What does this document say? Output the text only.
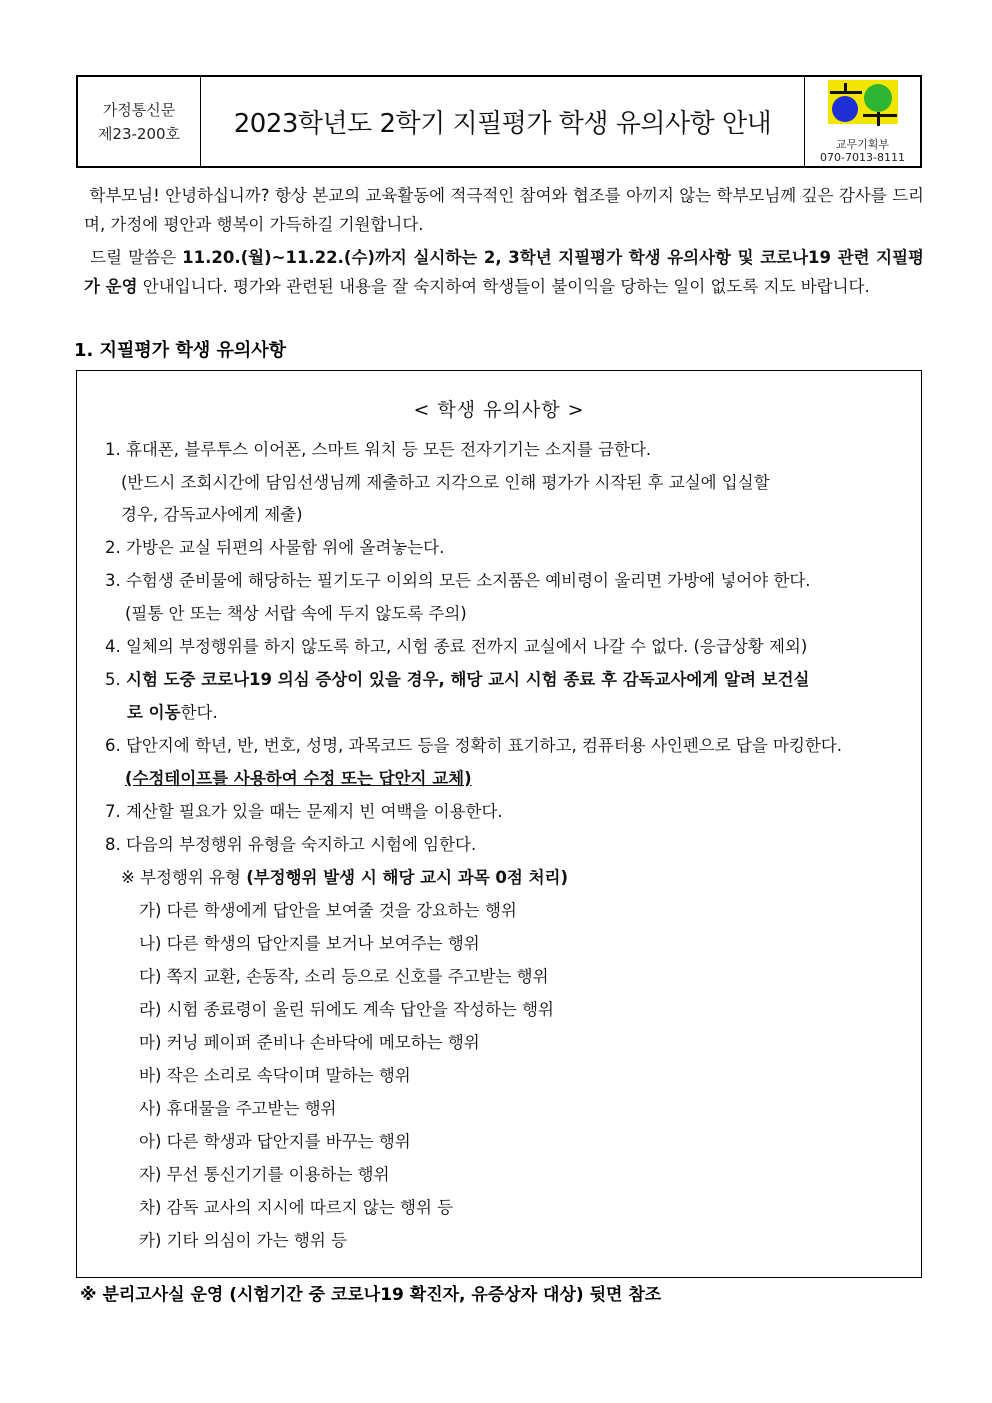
가정통신문
제23-200호	2023학년도 2학기 지필평가 학생 유의사항 안내
교무기획부
070-7013-8111

학부모님! 안녕하십니까? 항상 본교의 교육활동에 적극적인 참여와 협조를 아끼지 않는 학부모님께 깊은 감사를 드리며, 가정에 평안과 행복이 가득하길 기원합니다.

드릴 말씀은 11.20.(월)~11.22.(수)까지 실시하는 2, 3학년 지필평가 학생 유의사항 및 코로나19 관련 지필평가 운영 안내입니다. 평가와 관련된 내용을 잘 숙지하여 학생들이 불이익을 당하는 일이 없도록 지도 바랍니다.

1. 지필평가 학생 유의사항
< 학생 유의사항 >
1. 휴대폰, 블루투스 이어폰, 스마트 워치 등 모든 전자기기는 소지를 금한다.
(반드시 조회시간에 담임선생님께 제출하고 지각으로 인해 평가가 시작된 후 교실에 입실할
경우, 감독교사에게 제출)
2. 가방은 교실 뒤편의 사물함 위에 올려놓는다.
3. 수험생 준비물에 해당하는 필기도구 이외의 모든 소지품은 예비령이 울리면 가방에 넣어야 한다.
(필통 안 또는 책상 서랍 속에 두지 않도록 주의)
4. 일체의 부정행위를 하지 않도록 하고, 시험 종료 전까지 교실에서 나갈 수 없다. (응급상황 제외)
5. 시험 도중 코로나19 의심 증상이 있을 경우, 해당 교시 시험 종료 후 감독교사에게 알려 보건실
로 이동한다.
6. 답안지에 학년, 반, 번호, 성명, 과목코드 등을 정확히 표기하고, 컴퓨터용 사인펜으로 답을 마킹한다.
(수정테이프를 사용하여 수정 또는 답안지 교체)
7. 계산할 필요가 있을 때는 문제지 빈 여백을 이용한다.
8. 다음의 부정행위 유형을 숙지하고 시험에 임한다.
※ 부정행위 유형 (부정행위 발생 시 해당 교시 과목 0점 처리)
가) 다른 학생에게 답안을 보여줄 것을 강요하는 행위
나) 다른 학생의 답안지를 보거나 보여주는 행위
다) 쪽지 교환, 손동작, 소리 등으로 신호를 주고받는 행위
라) 시험 종료령이 울린 뒤에도 계속 답안을 작성하는 행위
마) 커닝 페이퍼 준비나 손바닥에 메모하는 행위
바) 작은 소리로 속닥이며 말하는 행위
사) 휴대물을 주고받는 행위
아) 다른 학생과 답안지를 바꾸는 행위
자) 무선 통신기기를 이용하는 행위
차) 감독 교사의 지시에 따르지 않는 행위 등
카) 기타 의심이 가는 행위 등
※ 분리고사실 운영 (시험기간 중 코로나19 확진자, 유증상자 대상) 뒷면 참조
